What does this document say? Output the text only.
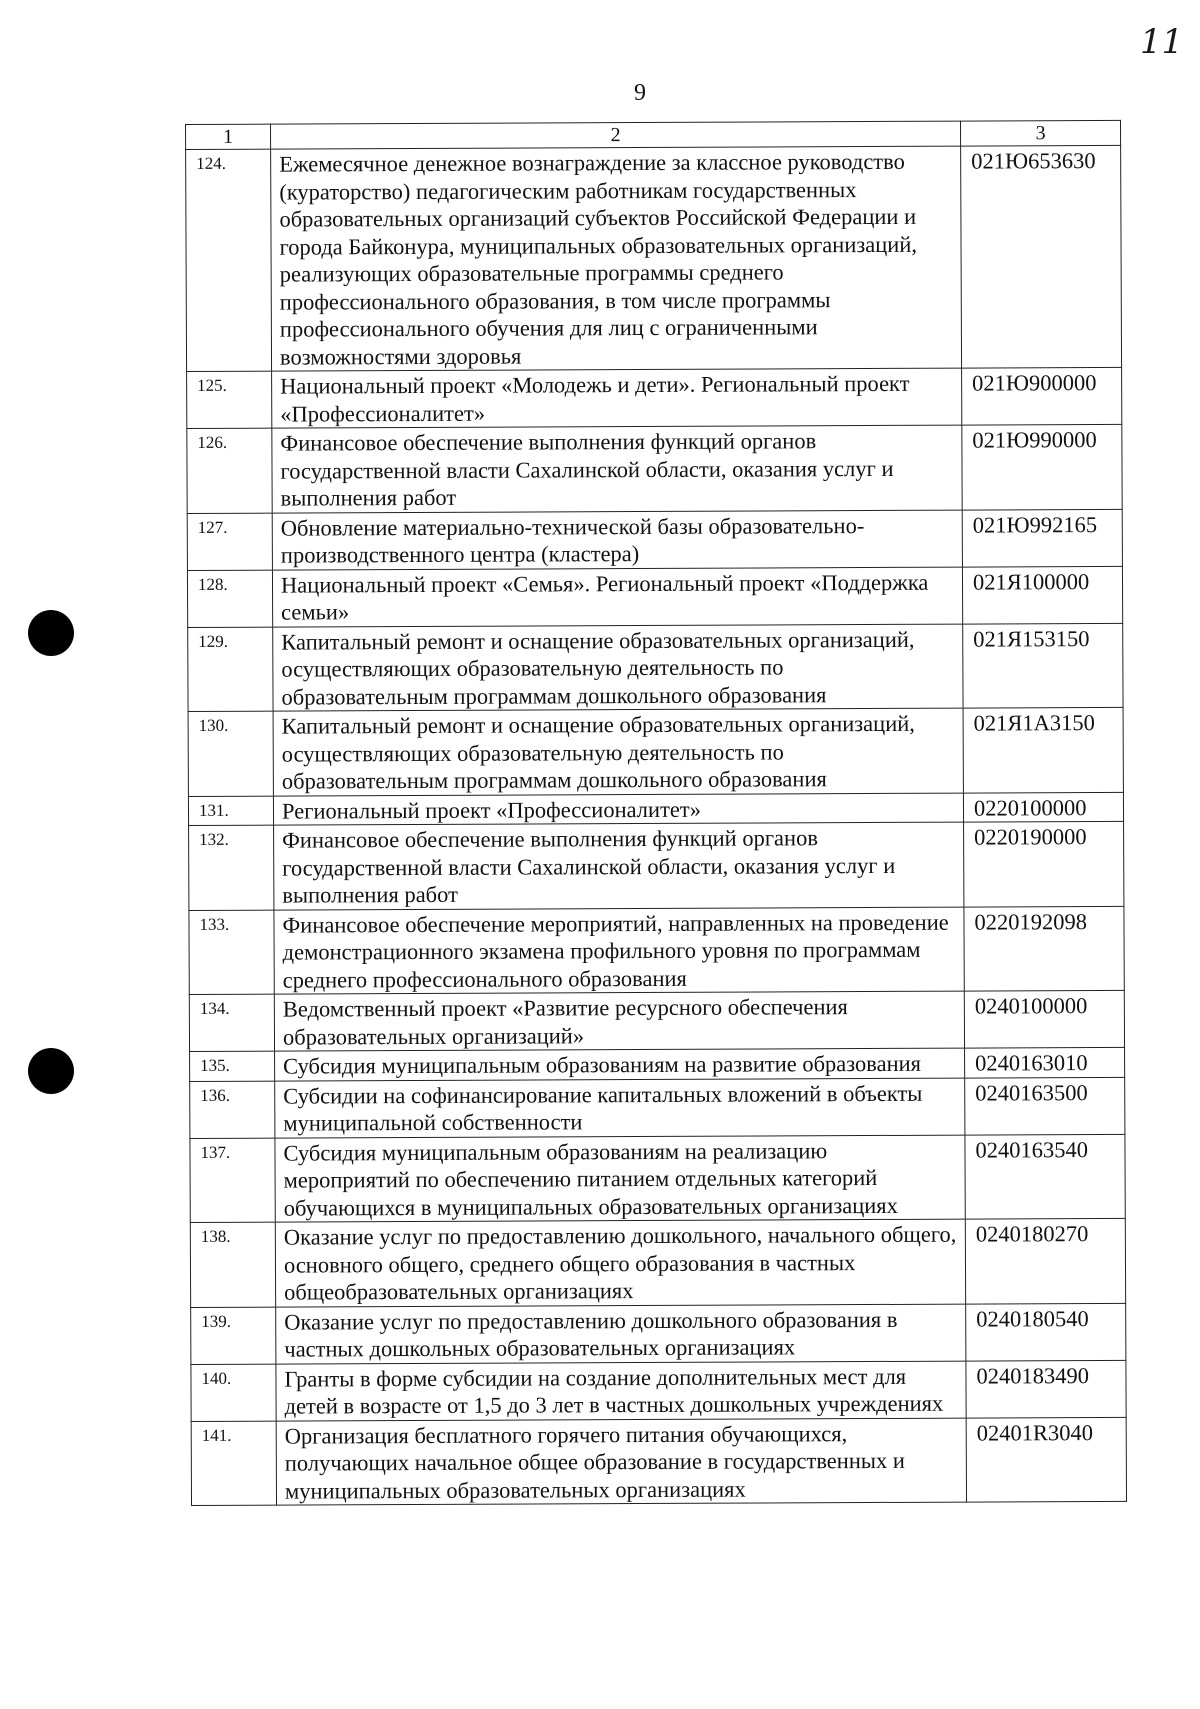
11
9
1	2	3
124.	Ежемесячное денежное вознаграждение за классное руководство (кураторство) педагогическим работникам государственных образовательных организаций субъектов Российской Федерации и города Байконура, муниципальных образовательных организаций, реализующих образовательные программы среднего профессионального образования, в том числе программы профессионального обучения для лиц с ограниченными возможностями здоровья	021Ю653630
125.	Национальный проект «Молодежь и дети». Региональный проект «Профессионалитет»	021Ю900000
126.	Финансовое обеспечение выполнения функций органов государственной власти Сахалинской области, оказания услуг и выполнения работ	021Ю990000
127.	Обновление материально-технической базы образовательно-производственного центра (кластера)	021Ю992165
128.	Национальный проект «Семья». Региональный проект «Поддержка семьи»	021Я100000
129.	Капитальный ремонт и оснащение образовательных организаций, осуществляющих образовательную деятельность по образовательным программам дошкольного образования	021Я153150
130.	Капитальный ремонт и оснащение образовательных организаций, осуществляющих образовательную деятельность по образовательным программам дошкольного образования	021Я1А3150
131.	Региональный проект «Профессионалитет»	0220100000
132.	Финансовое обеспечение выполнения функций органов государственной власти Сахалинской области, оказания услуг и выполнения работ	0220190000
133.	Финансовое обеспечение мероприятий, направленных на проведение демонстрационного экзамена профильного уровня по программам среднего профессионального образования	0220192098
134.	Ведомственный проект «Развитие ресурсного обеспечения образовательных организаций»	0240100000
135.	Субсидия муниципальным образованиям на развитие образования	0240163010
136.	Субсидии на софинансирование капитальных вложений в объекты муниципальной собственности	0240163500
137.	Субсидия муниципальным образованиям на реализацию мероприятий по обеспечению питанием отдельных категорий обучающихся в муниципальных образовательных организациях	0240163540
138.	Оказание услуг по предоставлению дошкольного, начального общего, основного общего, среднего общего образования в частных общеобразовательных организациях	0240180270
139.	Оказание услуг по предоставлению дошкольного образования в частных дошкольных образовательных организациях	0240180540
140.	Гранты в форме субсидии на создание дополнительных мест для детей в возрасте от 1,5 до 3 лет в частных дошкольных учреждениях	0240183490
141.	Организация бесплатного горячего питания обучающихся, получающих начальное общее образование в государственных и муниципальных образовательных организациях	02401R3040
